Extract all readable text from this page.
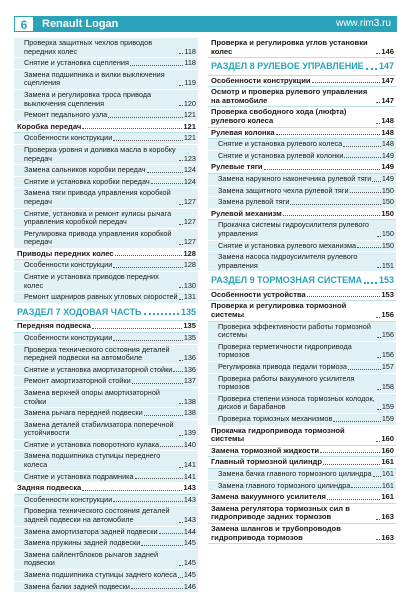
6	Renault Logan	www.rim3.ru
Проверка защитных чехлов приводов передних колес	118
Снятие и установка сцепления	118
Замена подшипника и вилки выключения сцепления	119
Замена и регулировка троса привода выключения сцепления	120
Ремонт педального узла	121
Коробка передач	121
Особенности конструкции	121
Проверка уровня и доливка масла в коробку передач	123
Замена сальников коробки передач	124
Снятие и установка коробки передач	124
Замена тяги привода управления коробкой передач	127
Снятие, установка и ремонт кулисы рычага управления коробкой передач	127
Регулировка привода управления коробкой передач	127
Приводы передних колес	128
Особенности конструкции	128
Снятие и установка приводов передних колес	130
Ремонт шарниров равных угловых скоростей 131
РАЗДЕЛ 7 ХОДОВАЯ ЧАСТЬ	135
Передняя подвеска	135
Особенности конструкции	135
Проверка технического состояния деталей передней подвески на автомобиле	136
Снятие и установка амортизаторной стойки 136
Ремонт амортизаторной стойки	137
Замена верхней опоры амортизаторной стойки	138
Замена рычага передней подвески	138
Замена деталей стабилизатора поперечной устойчивости	139
Снятие и установка поворотного кулака	140
Замена подшипника ступицы переднего колеса	141
Снятие и установка подрамника	141
Задняя подвеска	143
Особенности конструкции	143
Проверка технического состояния деталей задней подвески на автомобиле	143
Замена амортизатора задней подвески	144
Замена пружины задней подвески	145
Замена сайлентблоков рычагов задней подвески	145
Замена подшипника ступицы заднего колеса 145
Замена балки задней подвески	146
Проверка и регулировка углов установки колес	146
РАЗДЕЛ 8 РУЛЕВОЕ УПРАВЛЕНИЕ 147
Особенности конструкции	147
Осмотр и проверка рулевого управления на автомобиле	147
Проверка свободного хода (люфта) рулевого колеса	148
Рулевая колонка	148
Снятие и установка рулевого колеса	148
Снятие и установка рулевой колонки	149
Рулевые тяги	149
Замена наружного наконечника рулевой тяги 149
Замена защитного чехла рулевой тяги	150
Замена рулевой тяги	150
Рулевой механизм	150
Прокачка системы гидроусилителя рулевого управления	150
Снятие и установка рулевого механизма	150
Замена насоса гидроусилителя рулевого управления	151
РАЗДЕЛ 9 ТОРМОЗНАЯ СИСТЕМА 153
Особенности устройства	153
Проверка и регулировка тормозной системы	156
Проверка эффективности работы тормозной системы	156
Проверка герметичности гидропривода тормозов	156
Регулировка привода педали тормоза	157
Проверка работы вакуумного усилителя тормозов	158
Проверка степени износа тормозных колодок, дисков и барабанов	159
Проверка тормозных механизмов	159
Прокачка гидропривода тормозной системы	160
Замена тормозной жидкости	160
Главный тормозной цилиндр	161
Замена бачка главного тормозного цилиндра 161
Замена главного тормозного цилиндра	161
Замена вакуумного усилителя	161
Замена регулятора тормозных сил в гидроприводе задних тормозов	163
Замена шлангов и трубопроводов гидропривода тормозов	163
